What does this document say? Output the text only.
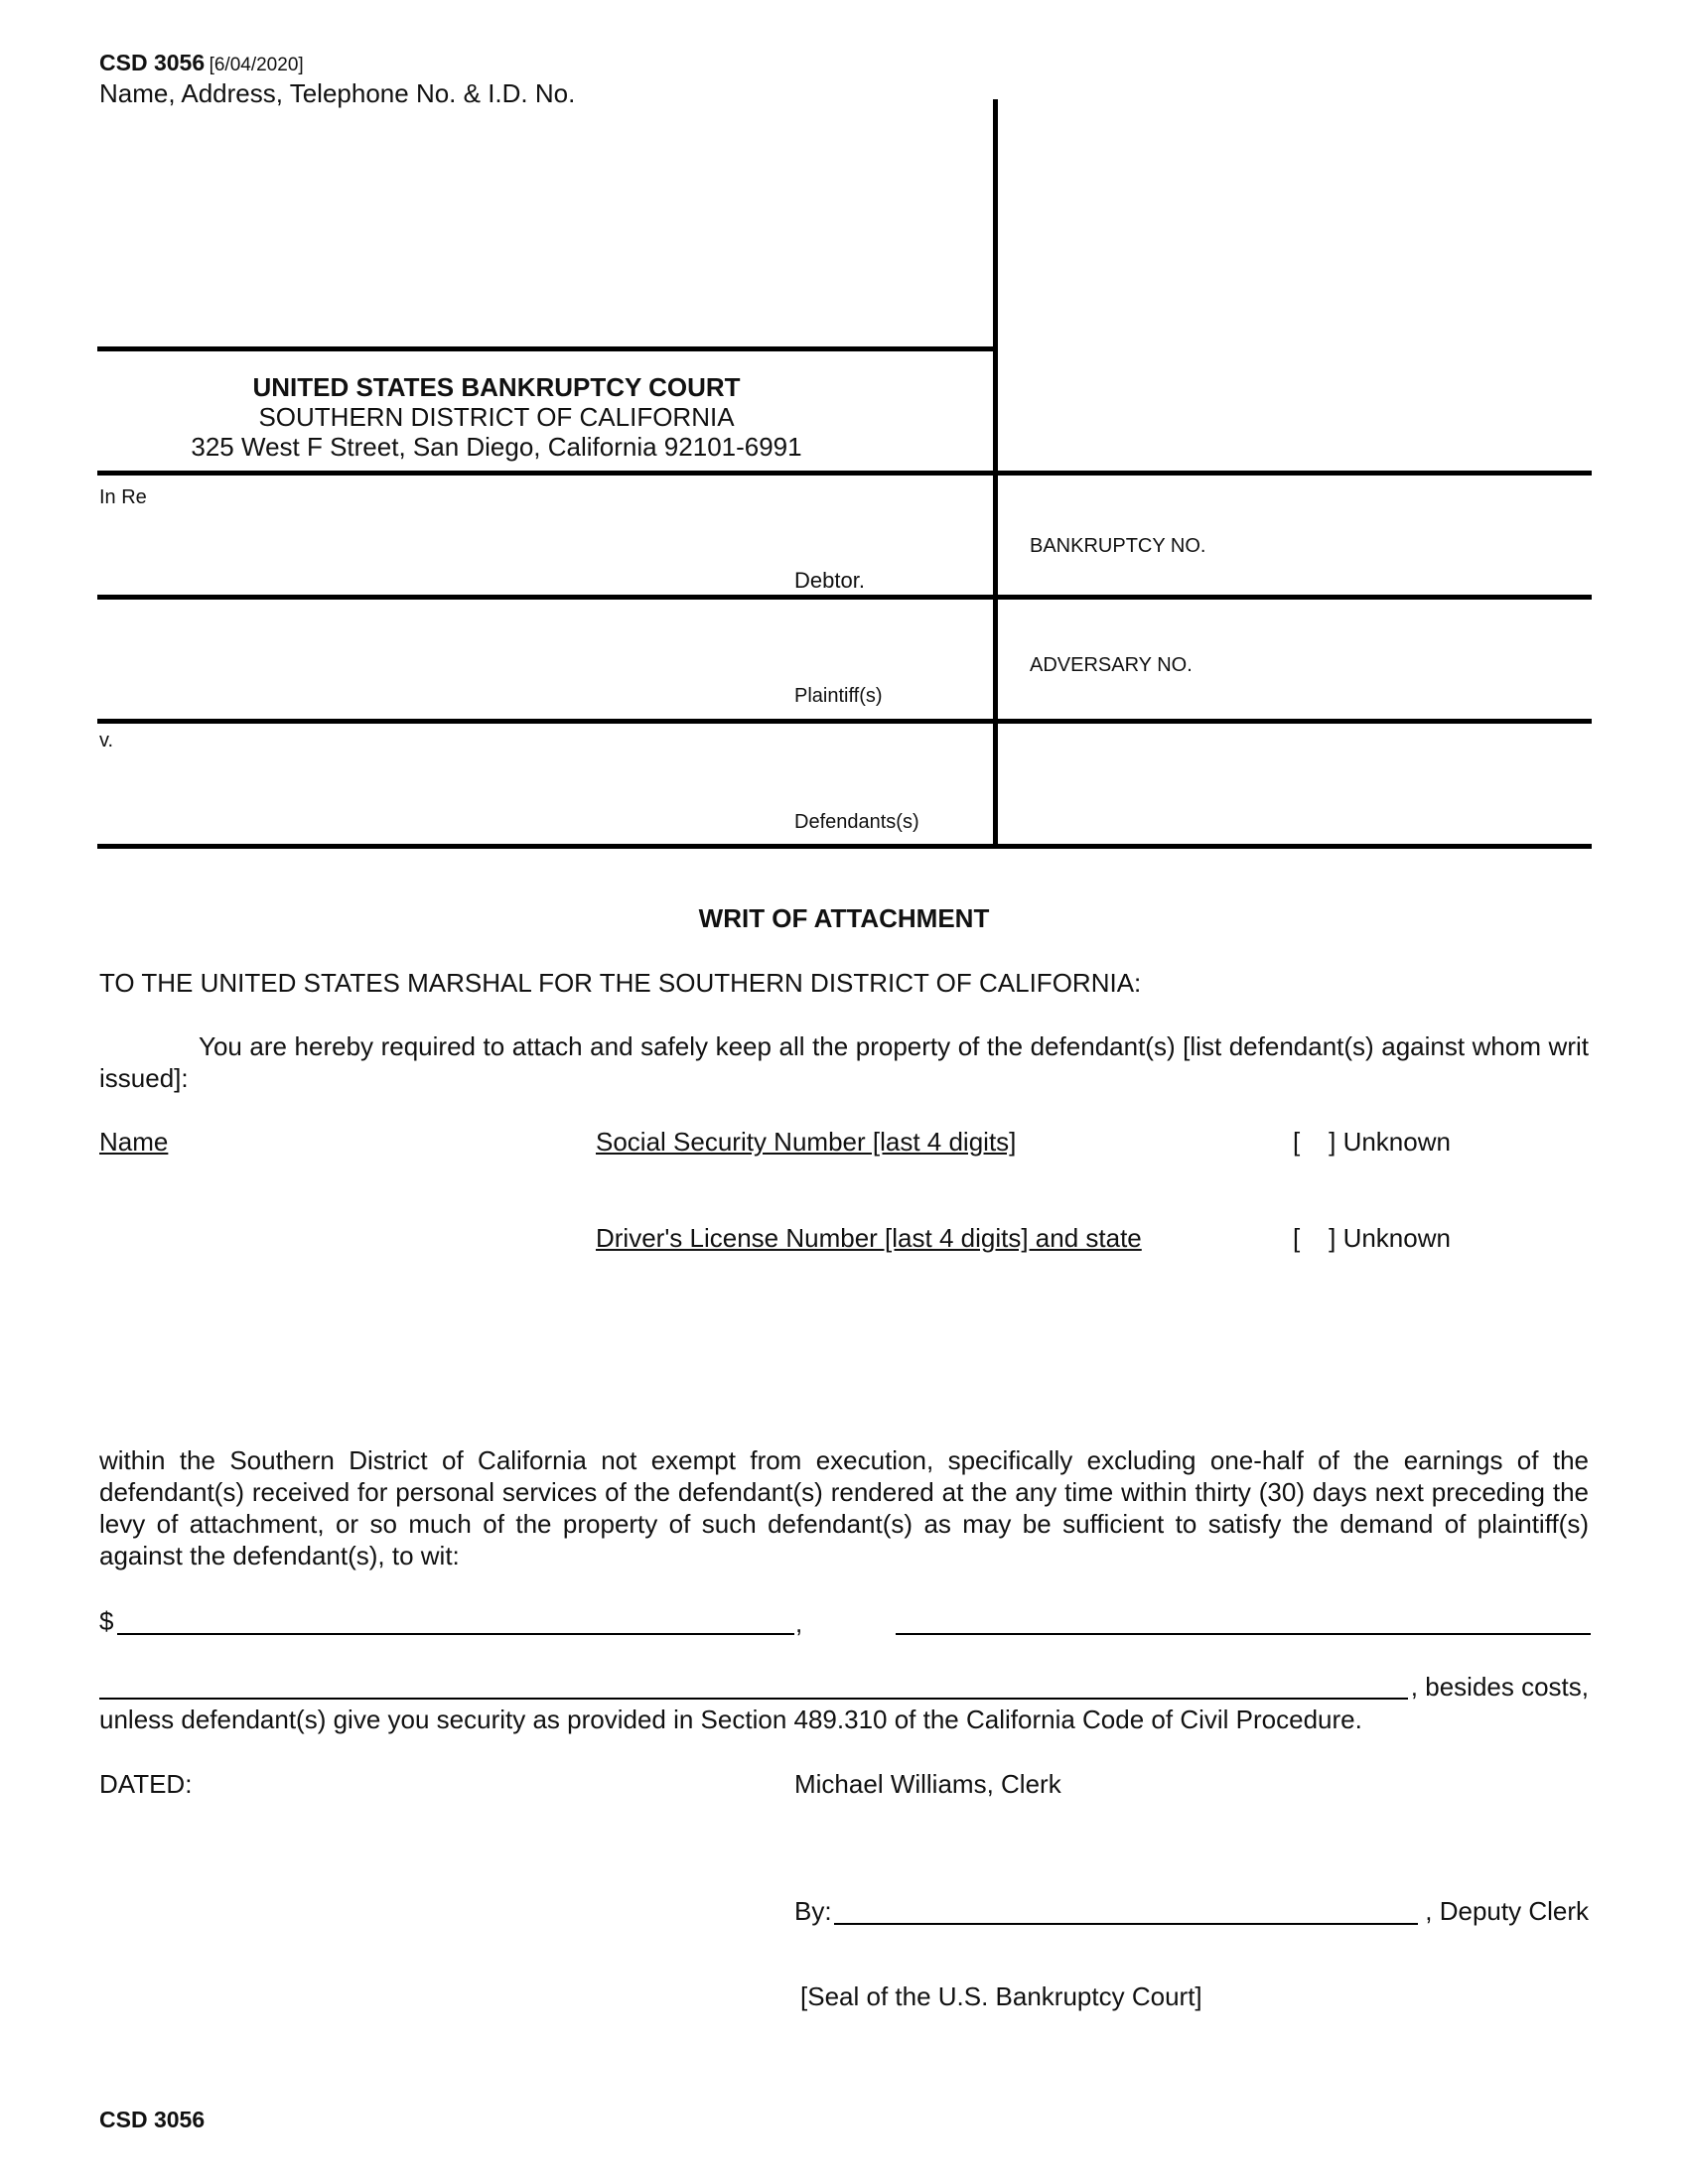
CSD 3056 [6/04/2020]
Name, Address, Telephone No. & I.D. No.
UNITED STATES BANKRUPTCY COURT
SOUTHERN DISTRICT OF CALIFORNIA
325 West F Street, San Diego, California 92101-6991
In Re
Debtor.
BANKRUPTCY NO.
Plaintiff(s)
ADVERSARY NO.
v.
Defendants(s)
WRIT OF ATTACHMENT
TO THE UNITED STATES MARSHAL FOR THE SOUTHERN DISTRICT OF CALIFORNIA:
You are hereby required to attach and safely keep all the property of the defendant(s) [list defendant(s) against whom writ issued]:
Name	Social Security Number [last 4 digits]	[    ] Unknown
Driver's License Number [last 4 digits] and state	[    ] Unknown
within the Southern District of California not exempt from execution, specifically excluding one-half of the earnings of the defendant(s) received for personal services of the defendant(s) rendered at the any time within thirty (30) days next preceding the levy of attachment, or so much of the property of such defendant(s) as may be sufficient to satisfy the demand of plaintiff(s) against the defendant(s), to wit:
$	,
, besides costs,
unless defendant(s) give you security as provided in Section 489.310 of the California Code of Civil Procedure.
DATED:	Michael Williams, Clerk
By:	, Deputy Clerk
[Seal of the U.S. Bankruptcy Court]
CSD 3056
